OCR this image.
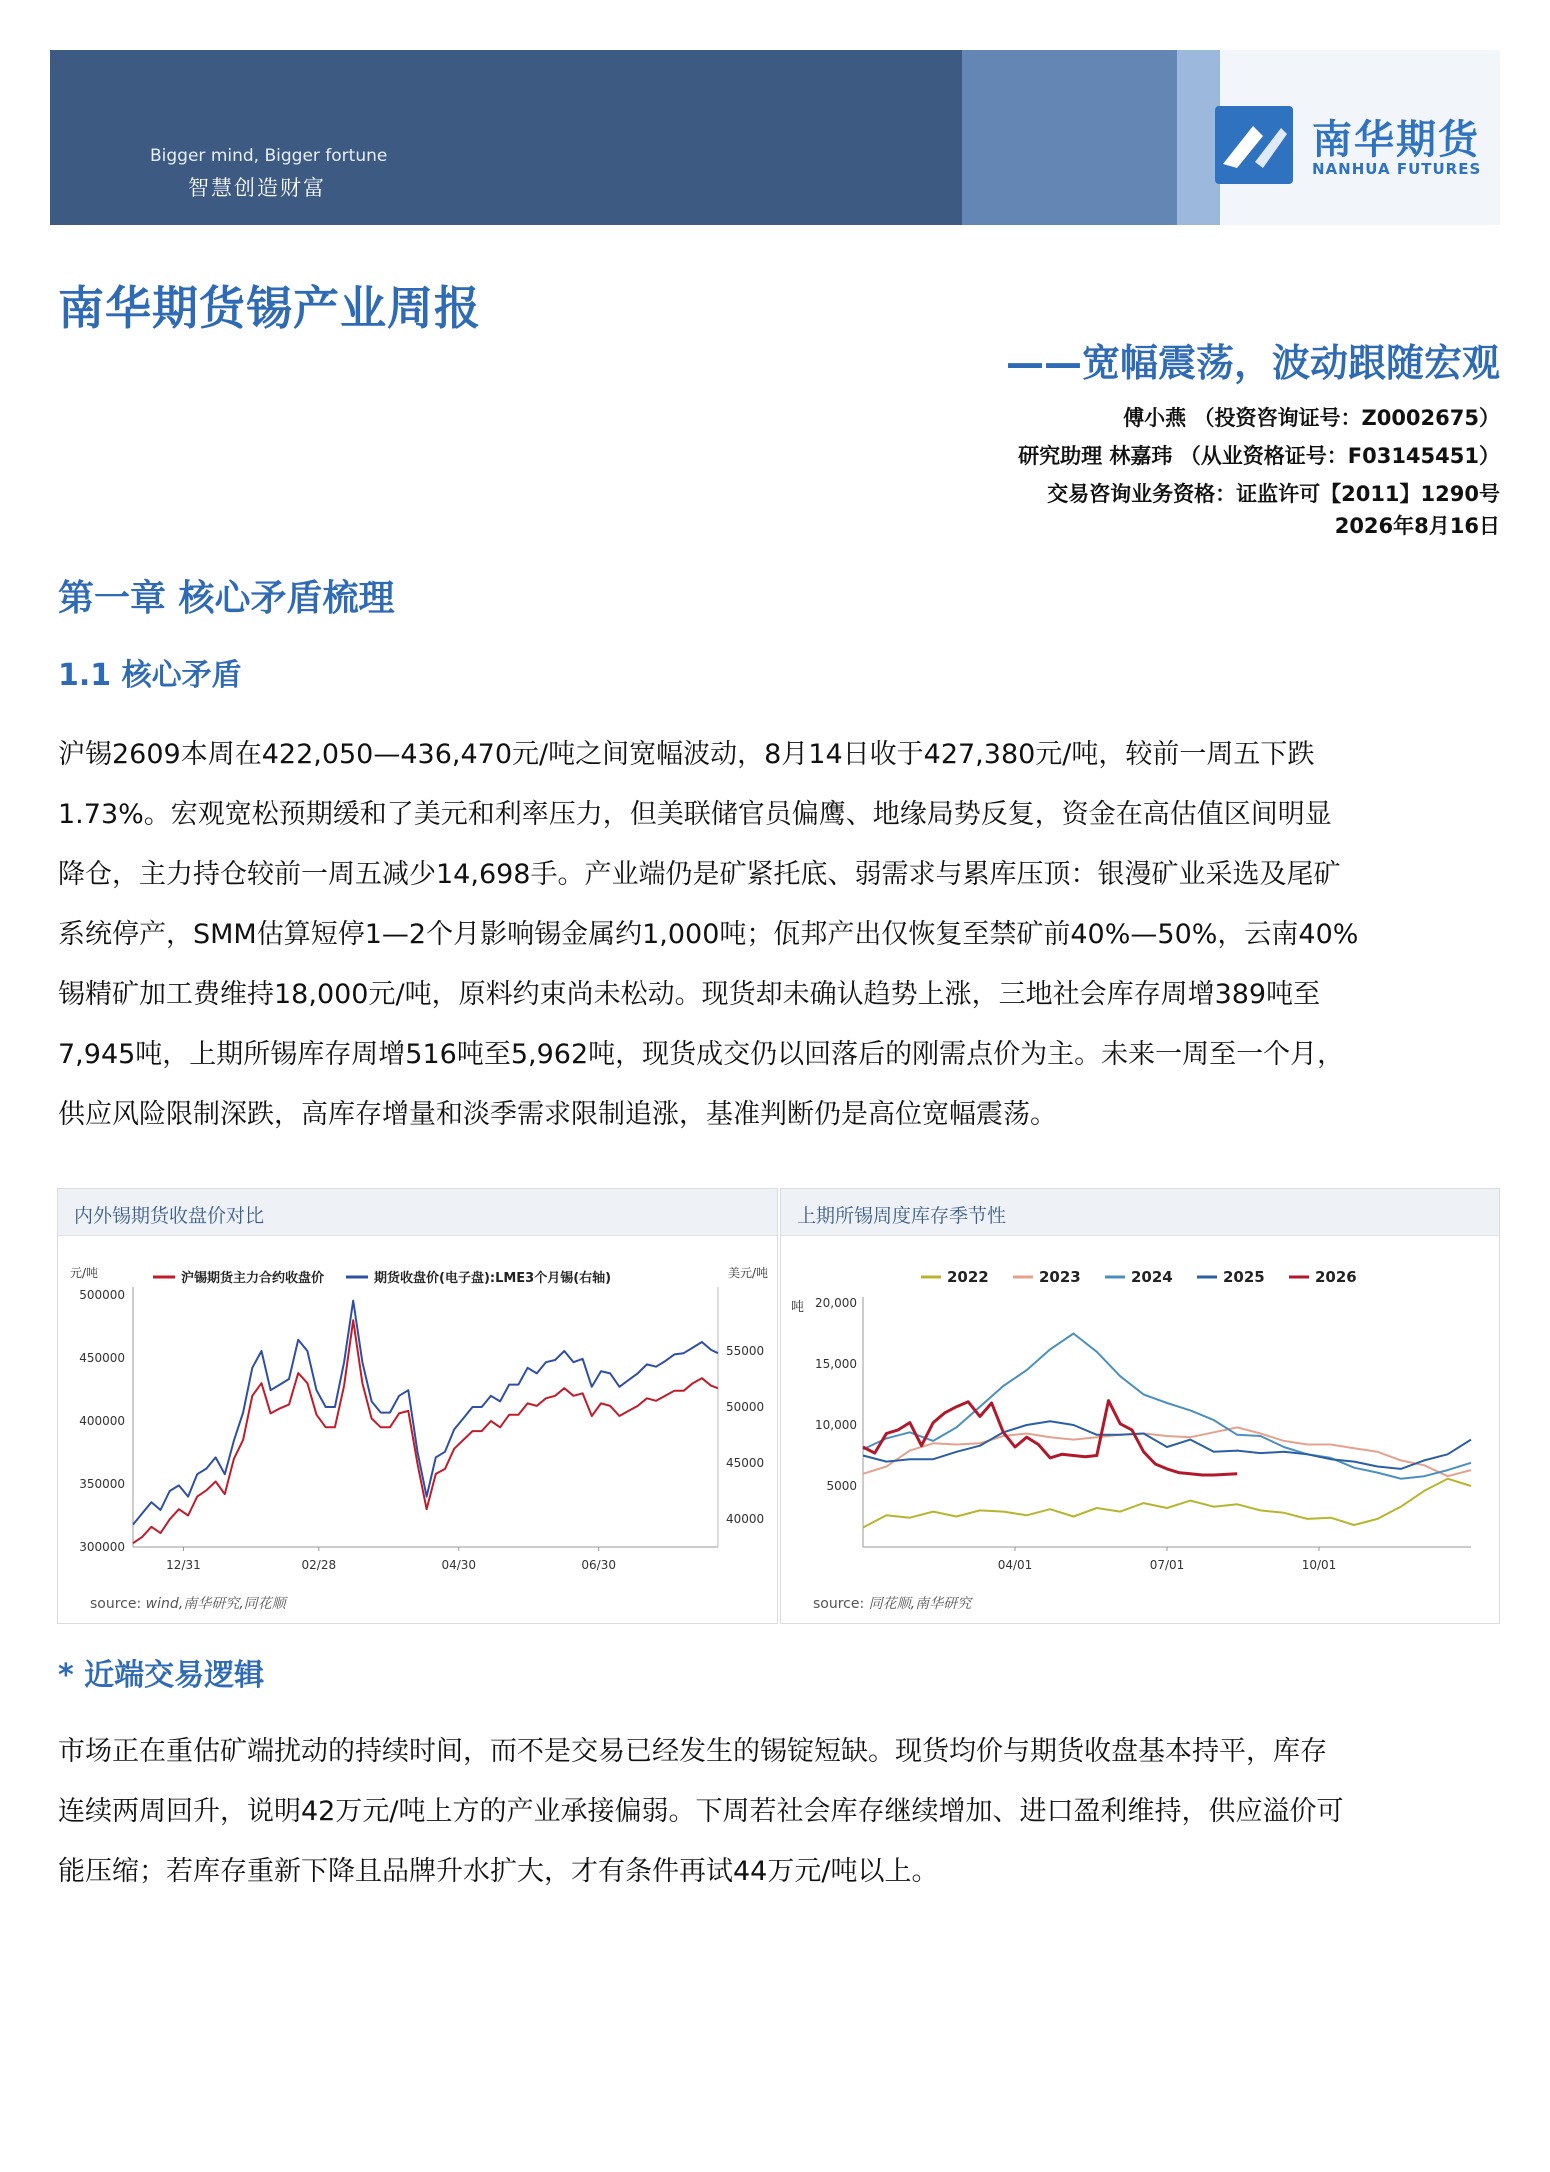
Bigger mind, Bigger fortune
智慧创造财富
南华期货
NANHUA FUTURES
南华期货锡产业周报
——宽幅震荡，波动跟随宏观
傅小燕 （投资咨询证号：Z0002675）
研究助理 林嘉玮 （从业资格证号：F03145451）
交易咨询业务资格：证监许可【2011】1290号
2026年8月16日
第一章 核心矛盾梳理
1.1 核心矛盾
沪锡2609本周在422,050—436,470元/吨之间宽幅波动，8月14日收于427,380元/吨，较前一周五下跌
1.73%。宏观宽松预期缓和了美元和利率压力，但美联储官员偏鹰、地缘局势反复，资金在高估值区间明显
降仓，主力持仓较前一周五减少14,698手。产业端仍是矿紧托底、弱需求与累库压顶：银漫矿业采选及尾矿
系统停产，SMM估算短停1—2个月影响锡金属约1,000吨；佤邦产出仅恢复至禁矿前40%—50%，云南40%
锡精矿加工费维持18,000元/吨，原料约束尚未松动。现货却未确认趋势上涨，三地社会库存周增389吨至
7,945吨，上期所锡库存周增516吨至5,962吨，现货成交仍以回落后的刚需点价为主。未来一周至一个月，
供应风险限制深跌，高库存增量和淡季需求限制追涨，基准判断仍是高位宽幅震荡。
内外锡期货收盘价对比
元/吨	美元/吨
500000
450000
400000
350000
300000
55000
50000
45000
40000
12/31	02/28	04/30	06/30
沪锡期货主力合约收盘价	期货收盘价(电子盘):LME3个月锡(右轴)
source: wind,南华研究,同花顺
上期所锡周度库存季节性
吨 20,000
15,000
10,000
5000
04/01	07/01	10/01
2022	2023	2024	2025	2026
source: 同花顺,南华研究
* 近端交易逻辑
市场正在重估矿端扰动的持续时间，而不是交易已经发生的锡锭短缺。现货均价与期货收盘基本持平，库存
连续两周回升，说明42万元/吨上方的产业承接偏弱。下周若社会库存继续增加、进口盈利维持，供应溢价可
能压缩；若库存重新下降且品牌升水扩大，才有条件再试44万元/吨以上。
